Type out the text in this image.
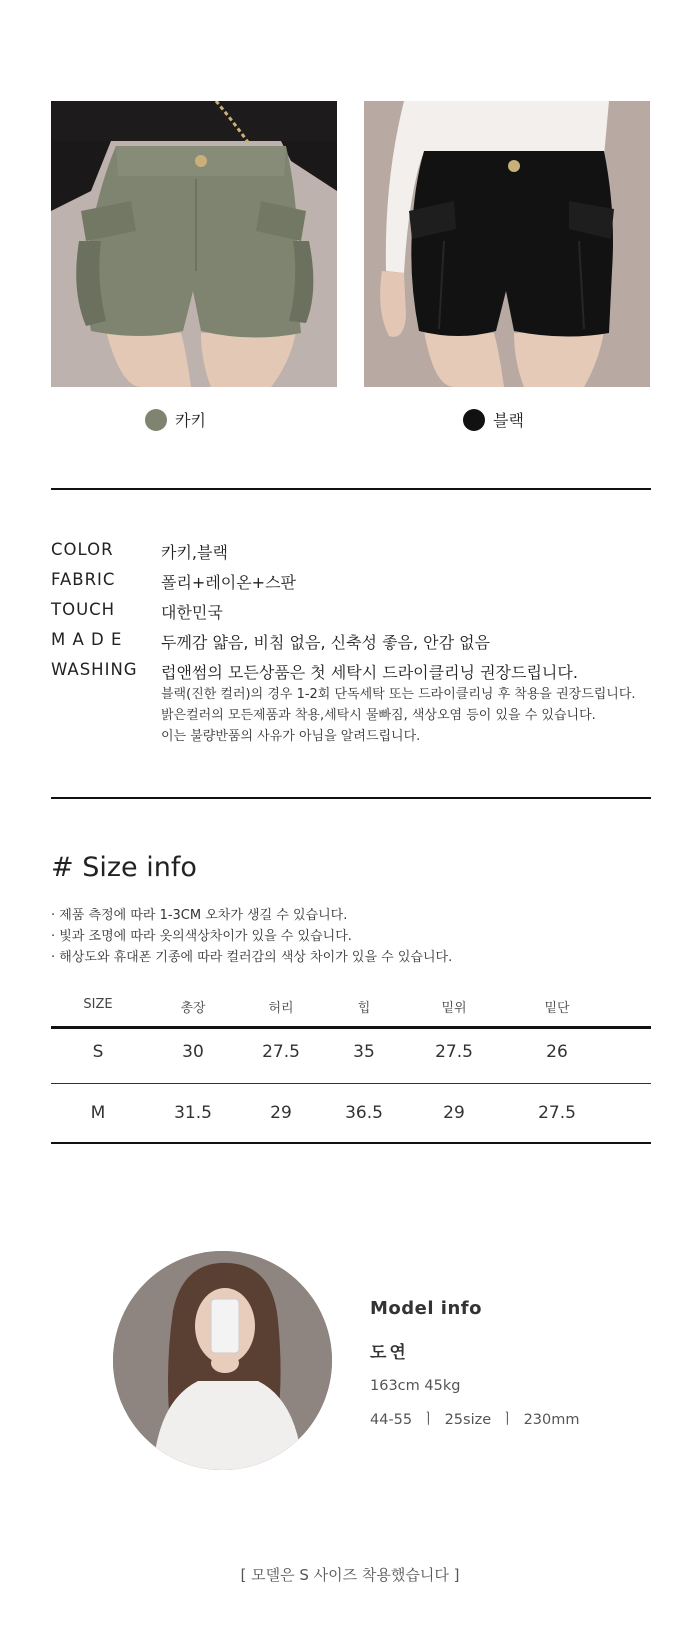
카키	블랙
COLOR	카키,블랙
FABRIC	폴리+레이온+스판
TOUCH	대한민국
M A D E 두께감 얇음, 비침 없음, 신축성 좋음, 안감 없음
WASHING 럽앤썸의 모든상품은 첫 세탁시 드라이클리닝 권장드립니다.
블랙(진한 컬러)의 경우 1-2회 단독세탁 또는 드라이클리닝 후 착용을 권장드립니다.
밝은컬러의 모든제품과 착용,세탁시 물빠짐, 색상오염 등이 있을 수 있습니다.
이는 불량반품의 사유가 아님을 알려드립니다.
# Size info
· 제품 측정에 따라 1-3CM 오차가 생길 수 있습니다.
· 빛과 조명에 따라 옷의색상차이가 있을 수 있습니다.
· 해상도와 휴대폰 기종에 따라 컬러감의 색상 차이가 있을 수 있습니다.
SIZE	총장	허리	힙	밑위	밑단
S	30	27.5	35	27.5	26
M	31.5	29	36.5	29	27.5
Model info
도연
163cm 45kg
44-55  ㅣ  25size  ㅣ  230mm
[ 모델은 S 사이즈 착용했습니다 ]
